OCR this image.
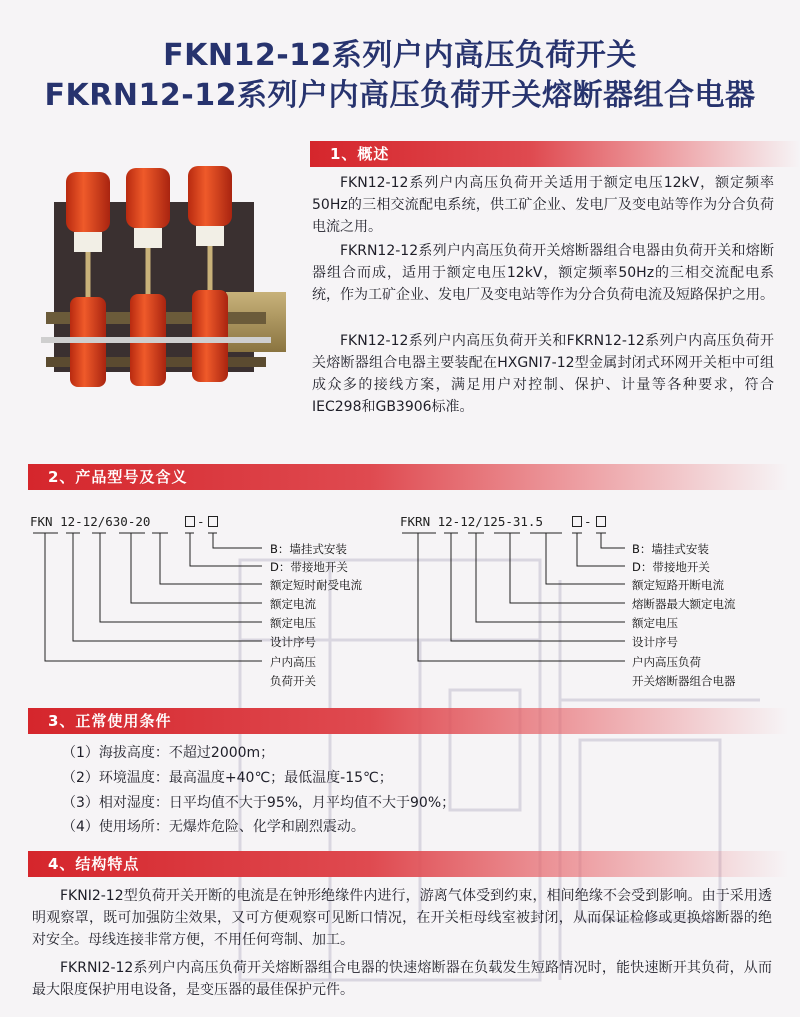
FKN12-12系列户内高压负荷开关
FKRN12-12系列户内高压负荷开关熔断器组合电器
1、概述

FKN12-12系列户内高压负荷开关适用于额定电压12kV，额定频率50Hz的三相交流配电系统，供工矿企业、发电厂及变电站等作为分合负荷电流之用。

FKRN12-12系列户内高压负荷开关熔断器组合电器由负荷开关和熔断器组合而成，适用于额定电压12kV，额定频率50Hz的三相交流配电系统，作为工矿企业、发电厂及变电站等作为分合负荷电流及短路保护之用。

FKN12-12系列户内高压负荷开关和FKRN12-12系列户内高压负荷开关熔断器组合电器主要装配在HXGNI7-12型金属封闭式环网开关柜中可组成众多的接线方案，满足用户对控制、保护、计量等各种要求，符合IEC298和GB3906标准。

2、产品型号及含义
FKN 12-12/630-20	-
B：墙挂式安装
D：带接地开关
额定短时耐受电流
额定电流
额定电压
设计序号
户内高压
负荷开关
FKRN 12-12/125-31.5	-
B：墙挂式安装
D：带接地开关
额定短路开断电流
熔断器最大额定电流
额定电压
设计序号
户内高压负荷
开关熔断器组合电器
3、正常使用条件

（1）海拔高度：不超过2000m；

（2）环境温度：最高温度+40℃；最低温度-15℃；

（3）相对湿度：日平均值不大于95%，月平均值不大于90%；

（4）使用场所：无爆炸危险、化学和剧烈震动。

4、结构特点

FKNI2-12型负荷开关开断的电流是在钟形绝缘件内进行，游离气体受到约束，相间绝缘不会受到影响。由于采用透明观察罩，既可加强防尘效果，又可方便观察可见断口情况，在开关柜母线室被封闭，从而保证检修或更换熔断器的绝对安全。母线连接非常方便，不用任何弯制、加工。

FKRNI2-12系列户内高压负荷开关熔断器组合电器的快速熔断器在负载发生短路情况时，能快速断开其负荷，从而最大限度保护用电设备，是变压器的最佳保护元件。
